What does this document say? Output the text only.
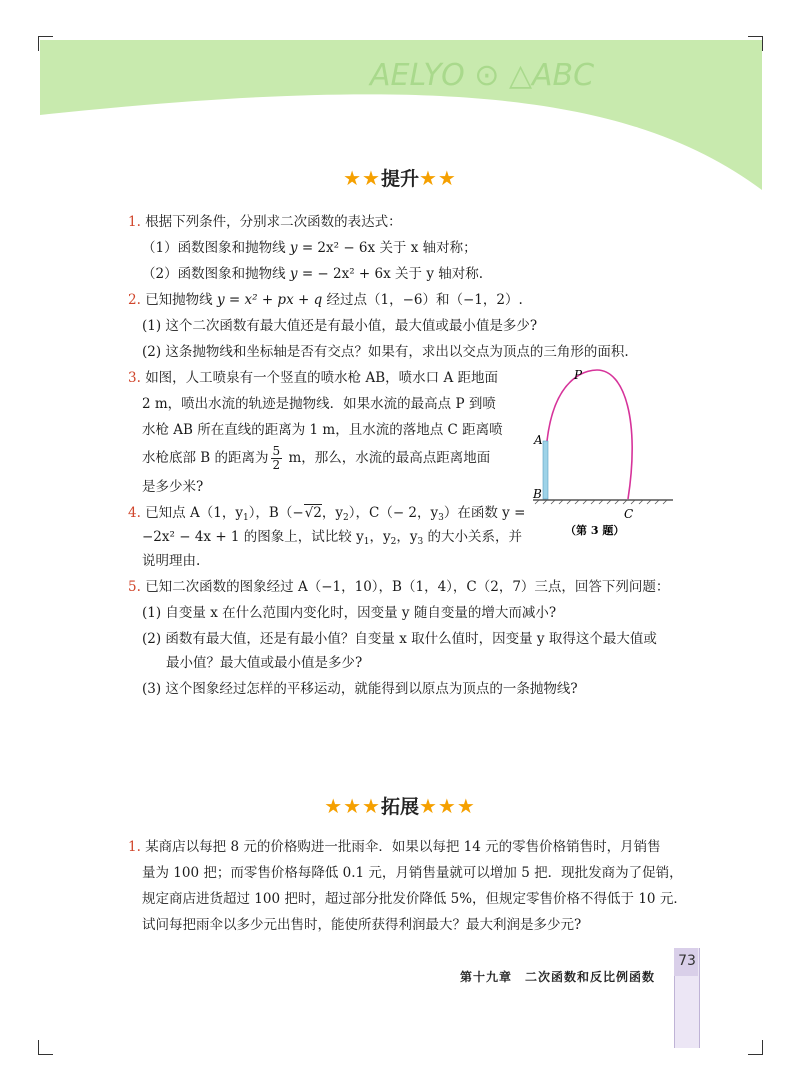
AELYO ⊙ △ABC
★★提升★★
1. 根据下列条件，分别求二次函数的表达式：
（1）函数图象和抛物线 y = 2x² − 6x 关于 x 轴对称；
（2）函数图象和抛物线 y = − 2x² + 6x 关于 y 轴对称.
2. 已知抛物线 y = x² + px + q 经过点（1，−6）和（−1，2）.
(1) 这个二次函数有最大值还是有最小值，最大值或最小值是多少?
(2) 这条抛物线和坐标轴是否有交点？如果有，求出以交点为顶点的三角形的面积.
3. 如图，人工喷泉有一个竖直的喷水枪 AB，喷水口 A 距地面
2 m，喷出水流的轨迹是抛物线．如果水流的最高点 P 到喷
水枪 AB 所在直线的距离为 1 m，且水流的落地点 C 距离喷
水枪底部 B 的距离为 $\frac{5}{2}$ m，那么，水流的最高点距离地面
是多少米?
4. 已知点 A（1，$y_1$），B（−√2，$y_2$），C（− 2，$y_3$）在函数 y =
−2x² − 4x + 1 的图象上，试比较 $y_1$，$y_2$，$y_3$ 的大小关系，并
说明理由.
P
A
B
C
（第 3 题）
5. 已知二次函数的图象经过 A（−1，10），B（1，4），C（2，7）三点，回答下列问题：
(1) 自变量 x 在什么范围内变化时，因变量 y 随自变量的增大而减小?
(2) 函数有最大值，还是有最小值？自变量 x 取什么值时，因变量 y 取得这个最大值或
最小值？最大值或最小值是多少?
(3) 这个图象经过怎样的平移运动，就能得到以原点为顶点的一条抛物线?
★★★拓展★★★
1. 某商店以每把 8 元的价格购进一批雨伞．如果以每把 14 元的零售价格销售时，月销售
量为 100 把；而零售价格每降低 0.1 元，月销售量就可以增加 5 把．现批发商为了促销，
规定商店进货超过 100 把时，超过部分批发价降低 5%，但规定零售价格不得低于 10 元．
试问每把雨伞以多少元出售时，能使所获得利润最大？最大利润是多少元?
73
第十九章　二次函数和反比例函数
